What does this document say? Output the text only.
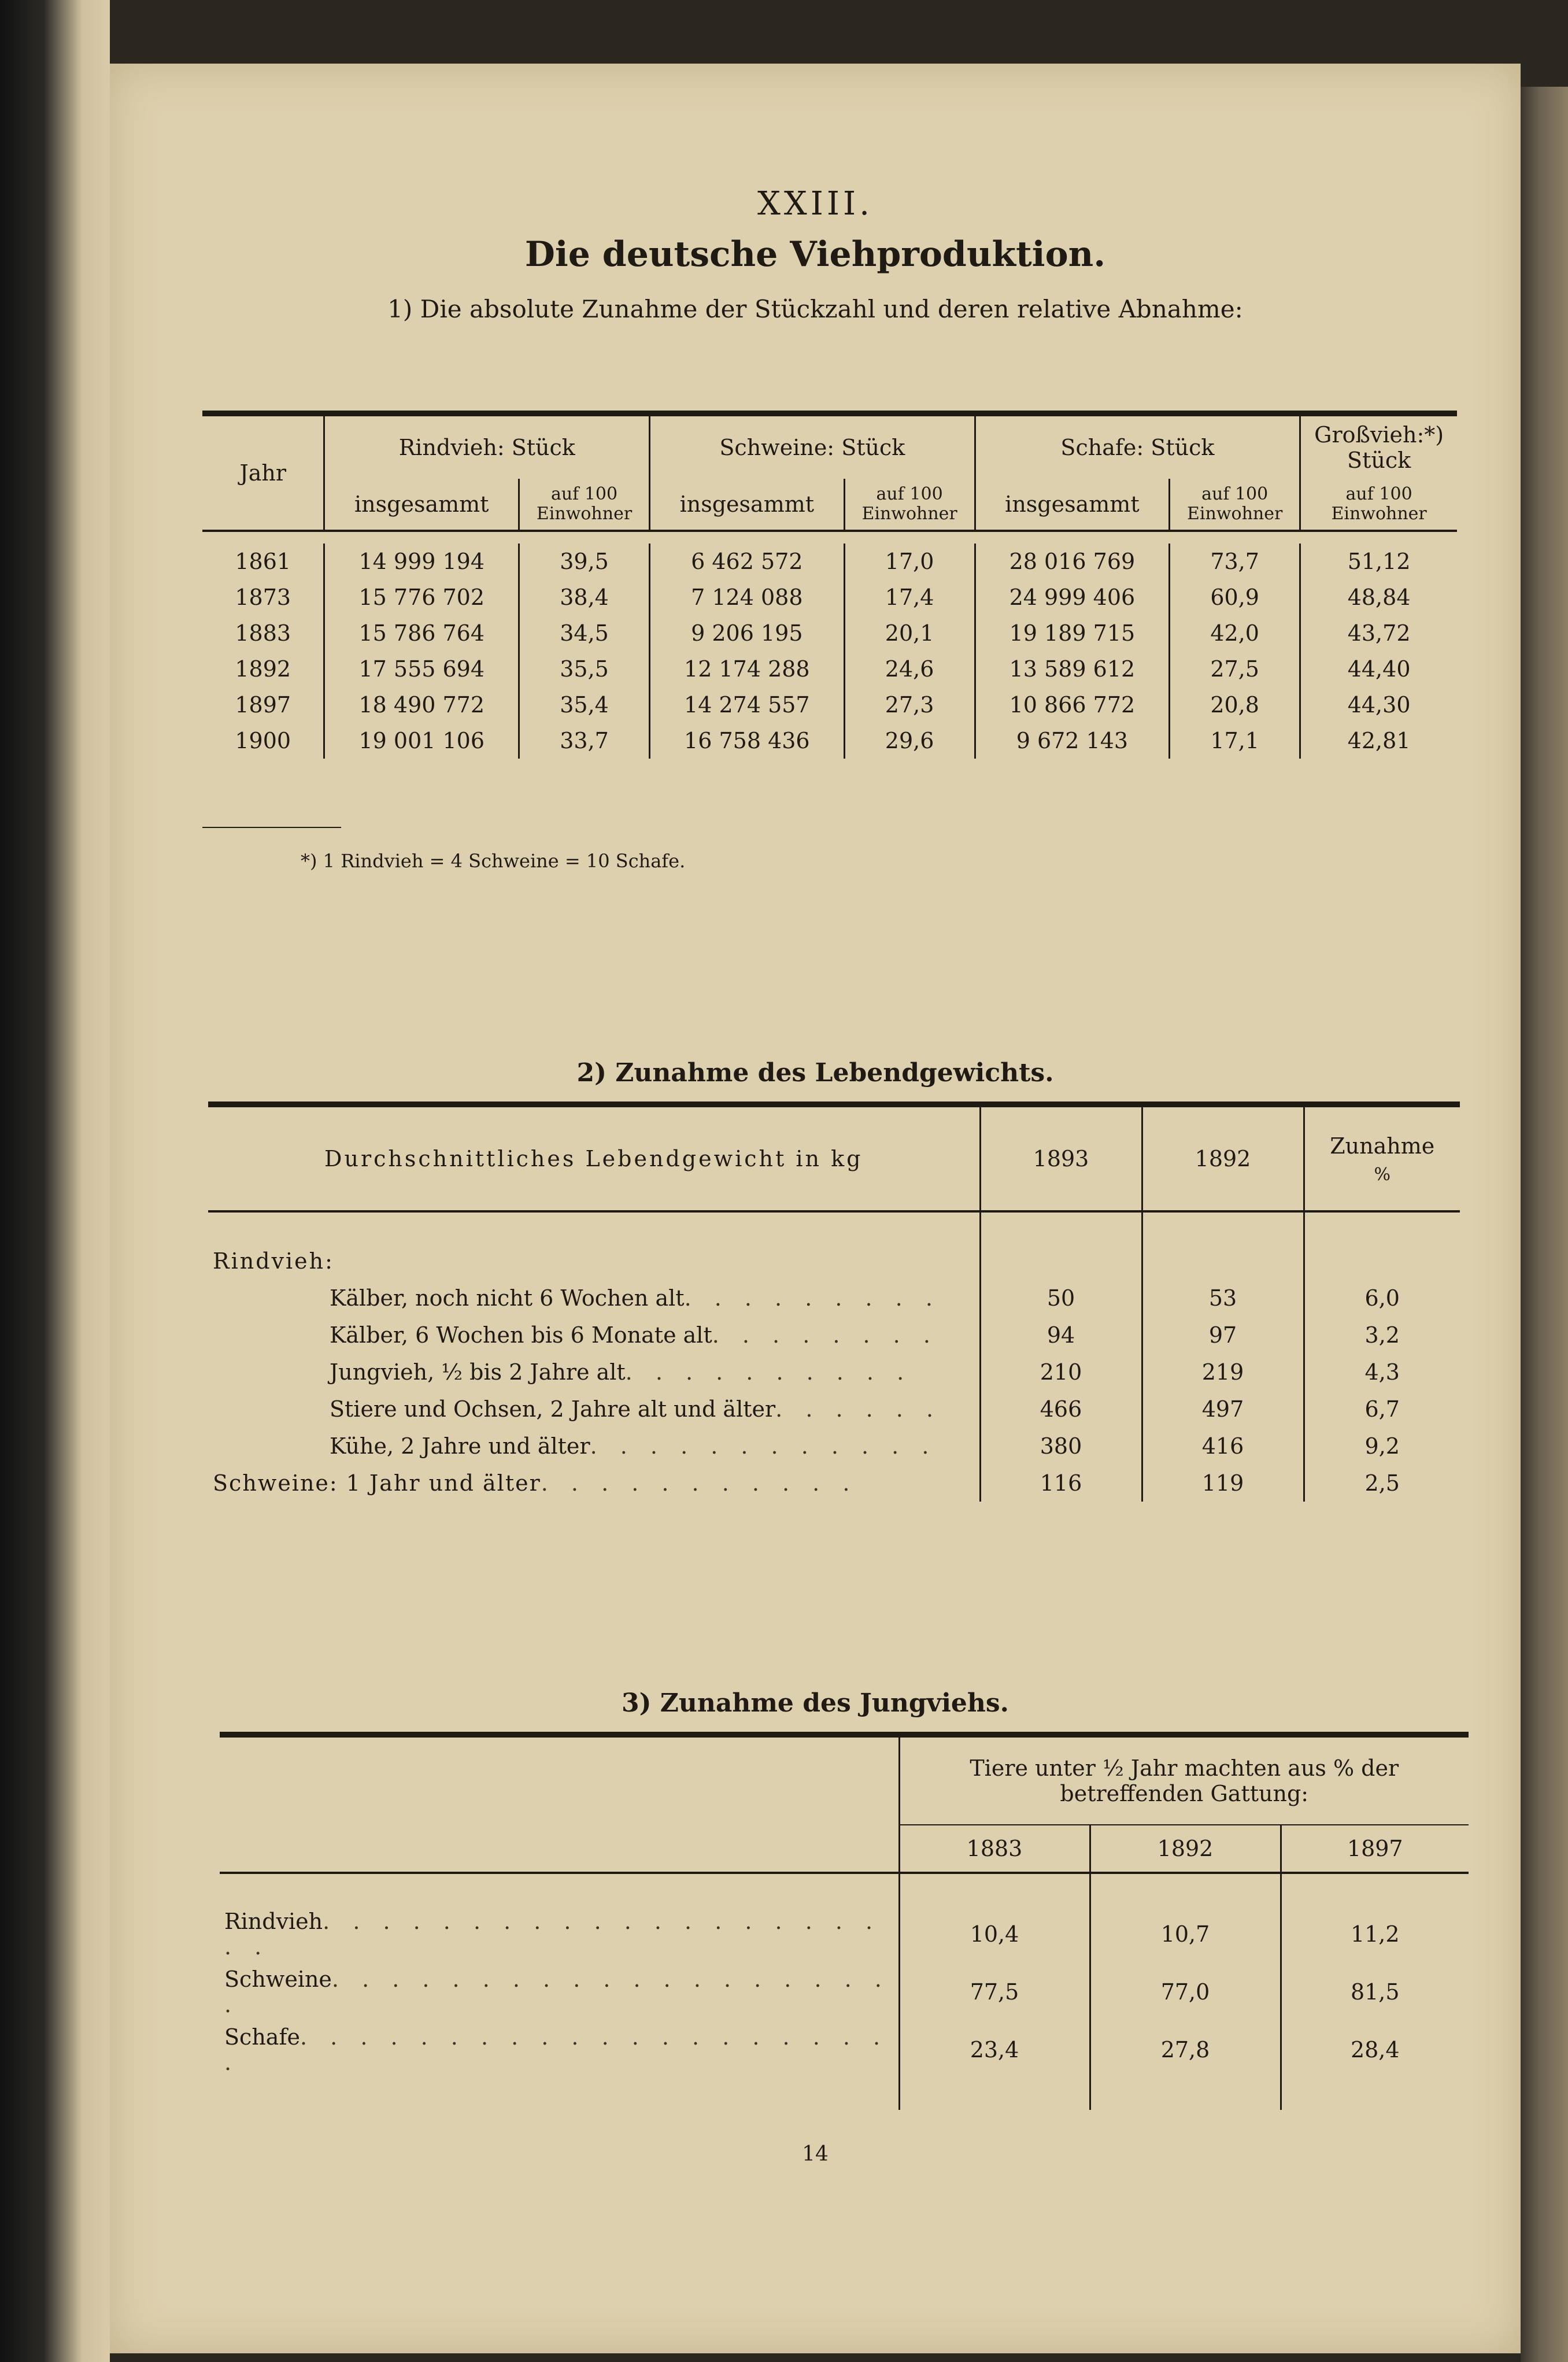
XXIII.
Die deutsche Viehproduktion.
1) Die absolute Zunahme der Stückzahl und deren relative Abnahme:
Jahr	Rindvieh: Stück		Schweine: Stück		Schafe: Stück		Großvieh:*) Stück
	insgesammt	auf 100 Einwohner	insgesammt	auf 100 Einwohner	insgesammt	auf 100 Einwohner	auf 100 Einwohner

1861	14 999 194	39,5	6 462 572	17,0	28 016 769	73,7	51,12
1873	15 776 702	38,4	7 124 088	17,4	24 999 406	60,9	48,84
1883	15 786 764	34,5	9 206 195	20,1	19 189 715	42,0	43,72
1892	17 555 694	35,5	12 174 288	24,6	13 589 612	27,5	44,40
1897	18 490 772	35,4	14 274 557	27,3	10 866 772	20,8	44,30
1900	19 001 106	33,7	16 758 436	29,6	9 672 143	17,1	42,81
*) 1 Rindvieh = 4 Schweine = 10 Schafe.
2) Zunahme des Lebendgewichts.
Durchschnittliches Lebendgewicht in kg	1893	1892	Zunahme
%

Rindvieh:			
Kälber, noch nicht 6 Wochen alt. . . . . . . . .	50	53	6,0
Kälber, 6 Wochen bis 6 Monate alt. . . . . . . .	94	97	3,2
Jungvieh, ½ bis 2 Jahre alt. . . . . . . . . .	210	219	4,3
Stiere und Ochsen, 2 Jahre alt und älter. . . . . .	466	497	6,7
Kühe, 2 Jahre und älter. . . . . . . . . . . .	380	416	9,2
Schweine: 1 Jahr und älter. . . . . . . . . . .	116	119	2,5
3) Zunahme des Jungviehs.
	Tiere unter ½ Jahr machten aus % der betreffenden Gattung:		
	1883	1892	1897

Rindvieh. . . . . . . . . . . . . . . . . . . . .	10,4	10,7	11,2
Schweine. . . . . . . . . . . . . . . . . . . .	77,5	77,0	81,5
Schafe. . . . . . . . . . . . . . . . . . . . .	23,4	27,8	28,4

14
